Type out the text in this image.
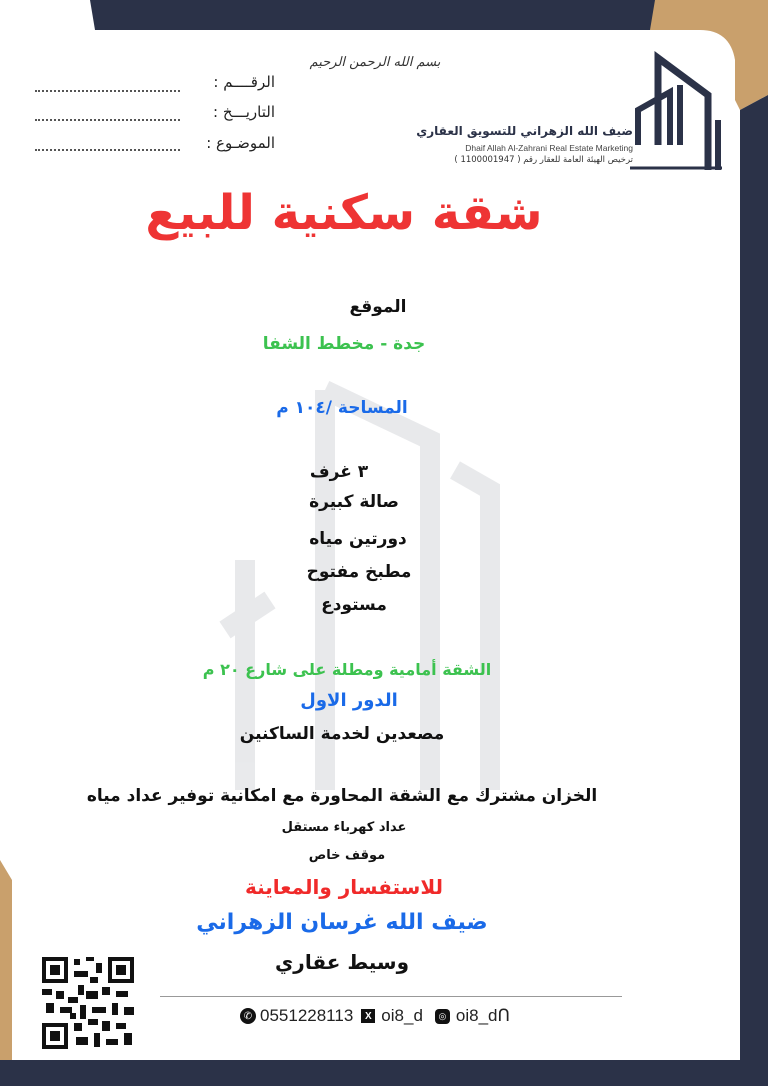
ضيف الله الزهراني للتسويق العقاري
Dhaif Allah Al-Zahrani Real Estate Marketing
ترخيص الهيئة العامة للعقار رقم ( 1100001947 )
بسم الله الرحمن الرحيم
الرقــــم :
التاريـــخ :
الموضـوع :
شقة سكنية للبيع
الموقع
جدة - مخطط الشفا
المساحة /١٠٤ م
٣ غرف
صالة كبيرة
دورتين مياه
مطبخ مفتوح
مستودع
الشقة أمامية ومطلة على شارع ٢٠ م
الدور الاول
مصعدين لخدمة الساكنين
الخزان مشترك مع الشقة المحاورة مع امكانية توفير عداد مياه
عداد كهرباء مستقل
موقف خاص
للاستفسار والمعاينة
ضيف الله غرسان الزهراني
وسيط عقاري
✆ 0551228113	X oi8_d	◎ oi8_dᑎ
